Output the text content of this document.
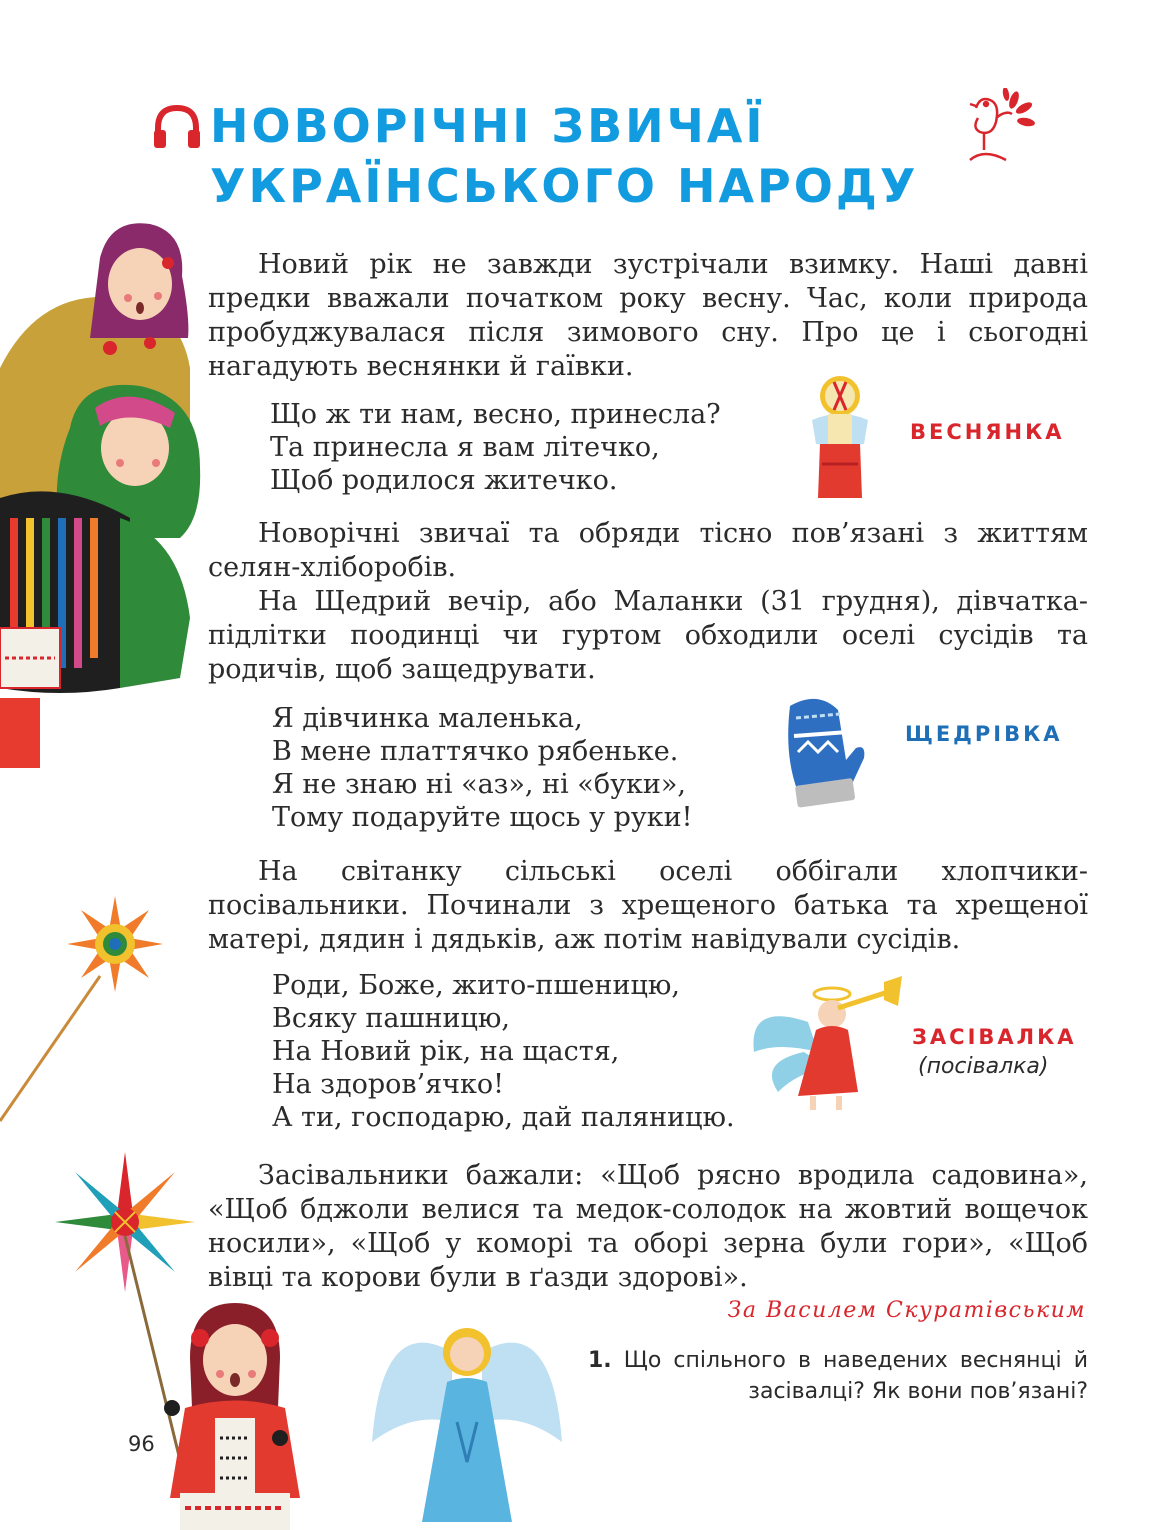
НОВОРІЧНІ ЗВИЧАЇ
УКРАЇНСЬКОГО НАРОДУ
Новий рік не завжди зустрічали взимку. Наші давні предки вважали початком року весну. Час, коли природа пробуджувалася після зимового сну. Про це і сьогодні нагадують веснянки й гаївки.
Що ж ти нам, весно, принесла?
Та принесла я вам літечко,
Щоб родилося житечко.
ВЕСНЯНКА
Новорічні звичаї та обряди тісно пов’язані з життям селян-хліборобів.
На Щедрий вечір, або Маланки (31 грудня), дівчатка-підлітки поодинці чи гуртом обходили оселі сусідів та родичів, щоб защедрувати.
Я дівчинка маленька,
В мене платтячко рябеньке.
Я не знаю ні «аз», ні «буки»,
Тому подаруйте щось у руки!
ЩЕДРІВКА
На світанку сільські оселі оббігали хлопчики-посівальники. Починали з хрещеного батька та хрещеної матері, дядин і дядьків, аж потім навідували сусідів.
Роди, Боже, жито-пшеницю,
Всяку пашницю,
На Новий рік, на щастя,
На здоров’ячко!
А ти, господарю, дай паляницю.
ЗАСІВАЛКА
(посівалка)
Засівальники бажали: «Щоб рясно вродила садовина», «Щоб бджоли велися та медок-солодок на жовтий вощечок носили», «Щоб у коморі та оборі зерна були гори», «Щоб вівці та корови були в ґазди здорові».
За Василем Скуратівським
1. Що спільного в наведених веснянці й засівалці? Як вони пов’язані?
96
